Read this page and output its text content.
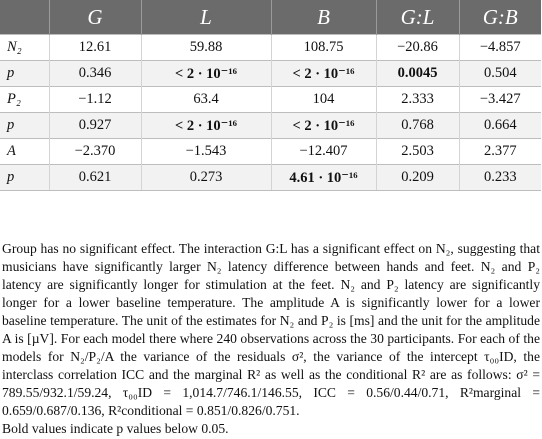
	G	L	B	G:L	G:B
N₂	12.61	59.88	108.75	−20.86	−4.857
p	0.346	< 2 · 10⁻¹⁶	< 2 · 10⁻¹⁶	0.0045	0.504
P₂	−1.12	63.4	104	2.333	−3.427
p	0.927	< 2 · 10⁻¹⁶	< 2 · 10⁻¹⁶	0.768	0.664
A	−2.370	−1.543	−12.407	2.503	2.377
p	0.621	0.273	4.61 · 10⁻¹⁶	0.209	0.233

Group has no significant effect. The interaction G:L has a significant effect on N₂, suggesting that musicians have significantly larger N₂ latency difference between hands and feet. N₂ and P₂ latency are significantly longer for stimulation at the feet. N₂ and P₂ latency are significantly longer for a lower baseline temperature. The amplitude A is significantly lower for a lower baseline temperature. The unit of the estimates for N₂ and P₂ is [ms] and the unit for the amplitude A is [µV]. For each model there where 240 observations across the 30 participants. For each of the models for N₂/P₂/A the variance of the residuals σ², the variance of the intercept τ₀₀ID, the interclass correlation ICC and the marginal R² as well as the conditional R² are as follows: σ² = 789.55/932.1/59.24, τ₀₀ID = 1,014.7/746.1/146.55, ICC = 0.56/0.44/0.71, R²marginal = 0.659/0.687/0.136, R²conditional = 0.851/0.826/0.751.

Bold values indicate p values below 0.05.
